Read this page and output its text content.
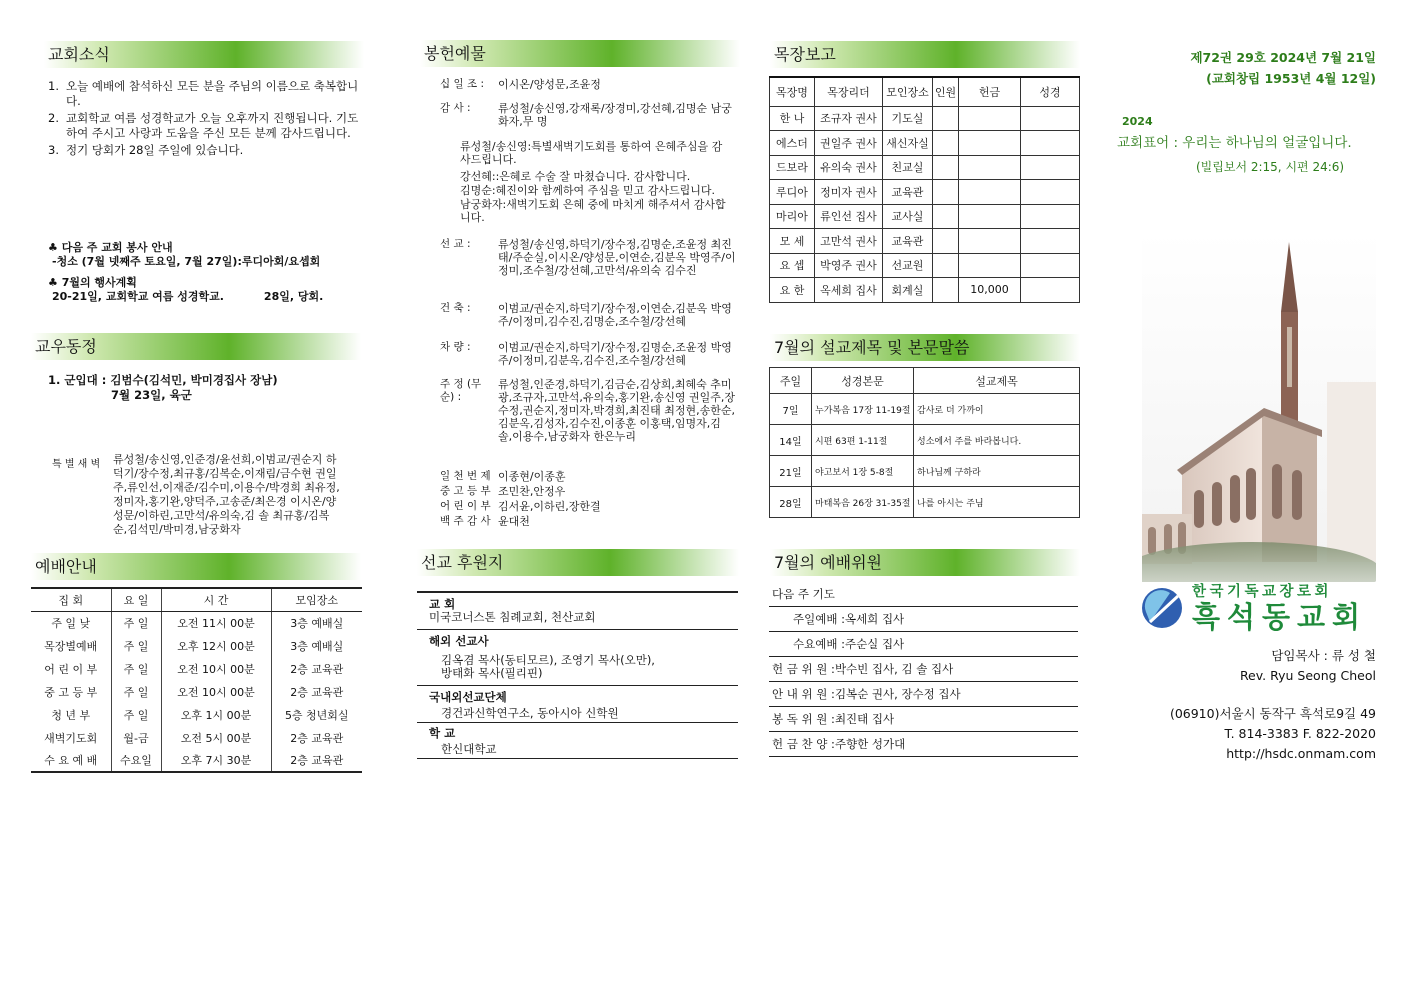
교회소식
1. 오늘 예배에 참석하신 모든 분을 주님의 이름으로 축복합니다.
2. 교회학교 여름 성경학교가 오늘 오후까지 진행됩니다. 기도하여 주시고 사랑과 도움을 주신 모든 분께 감사드립니다.
3. 정기 당회가 28일 주일에 있습니다.
♣ 다음 주 교회 봉사 안내
-청소 (7월 넷째주 토요일, 7월 27일):루디아회/요셉회
♣ 7월의 행사계획
20-21일, 교회학교 여름 성경학교.	28일, 당회.
교우동정
1. 군입대 : 김범수(김석민, 박미경집사 장남)
7월 23일, 육군
특 별 새 벽 류성철/송신영,인준경/윤선희,이범교/권순지 하덕기/장수정,최규홍/김복순,이재림/금수현 권일주,류인선,이재준/김수미,이용수/박경희 최유정,정미자,홍기완,양덕주,고송준/최은경 이시온/양성문/이하린,고만석/유의숙,김 솔 최규홍/김복순,김석민/박미경,남궁화자
예배안내
집 회	요 일	시 간	모임장소
주 일 낮	주 일	오전 11시 00분	3층 예배실
목장별예배	주 일	오후 12시 00분	3층 예배실
어 린 이 부	주 일	오전 10시 00분	2층 교육관
중 고 등 부	주 일	오전 10시 00분	2층 교육관
청 년 부	주 일	오후 1시 00분	5층 청년회실
새벽기도회	월-금	오전 5시 00분	2층 교육관
수 요 예 배	수요일	오후 7시 30분	2층 교육관
봉헌예물
십 일 조 :	이시온/양성문,조윤정
감 사 :	류성철/송신영,강재록/장경미,강선혜,김명순 남궁화자,무 명
류성철/송신영:특별새벽기도회를 통하여 은혜주심을 감사드립니다.
강선혜::은혜로 수술 잘 마쳤습니다. 감사합니다.
김명순:혜진이와 함께하여 주심을 믿고 감사드립니다.
남궁화자:새벽기도회 은혜 중에 마치게 해주셔서 감사합니다.
선 교 :	류성철/송신영,하덕기/장수정,김명순,조윤정 최진태/주순실,이시온/양성문,이연순,김분옥 박영주/이정미,조수철/강선혜,고만석/유의숙 김수진
건 축 :	이범교/권순지,하덕기/장수정,이연순,김분옥 박영주/이정미,김수진,김명순,조수철/강선혜
차 량 :	이범교/권순지,하덕기/장수정,김명순,조윤정 박영주/이정미,김분옥,김수진,조수철/강선혜
주 정 (무 순) :
류성철,인준경,하덕기,김금순,김상희,최혜숙 추미광,조규자,고만석,유의숙,홍기완,송신영 권일주,장수정,권순지,정미자,박경희,최진태 최정현,송한순,김분옥,김성자,김수진,이종훈 이홍택,임명자,김 솔,이용수,남궁화자 한은누리
일 천 번 제 이종현/이종훈
중 고 등 부 조민찬,안정우
어 린 이 부 김서윤,이하린,장한결
백 주 감 사 윤대천
선교 후원지
교 회
미국코너스톤 침례교회, 천산교회
해외 선교사
김옥겸 목사(동티모르), 조영기 목사(오만),
방태화 목사(필리핀)
국내외선교단체
경건과신학연구소, 동아시아 신학원
학 교
한신대학교
목장보고
목장명	목장리더	모인장소	인원	헌금	성경
한 나	조규자 권사	기도실			
에스더	권일주 권사	새신자실			
드보라	유의숙 권사	친교실			
루디아	정미자 권사	교육관			
마리아	류인선 집사	교사실			
모 세	고만석 권사	교육관			
요 셉	박영주 권사	선교원			
요 한	옥세희 집사	회계실		10,000	
7월의 설교제목 및 본문말씀
주일	성경본문	설교제목
7일	누가복음 17장 11-19절	감사로 더 가까이
14일	시편 63편 1-11절	성소에서 주를 바라봅니다.
21일	야고보서 1장 5-8절	하나님께 구하라
28일	마태복음 26장 31-35절	나를 아시는 주님
7월의 예배위원
다음 주 기도
주일예배 :옥세희 집사
수요예배 :주순실 집사
헌 금 위 원 :박수빈 집사, 김 솔 집사
안 내 위 원 :김복순 권사, 장수정 집사
봉 독 위 원 :최진태 집사
헌 금 찬 양 :주향한 성가대
제72권 29호 2024년 7월 21일
(교회창립 1953년 4월 12일)
2024
교회표어 : 우리는 하나님의 얼굴입니다.
(빌립보서 2:15, 시편 24:6)
한국기독교장로회
흑석동교회
담임목사 : 류 성 철
Rev. Ryu Seong Cheol
(06910)서울시 동작구 흑석로9길 49
T. 814-3383 F. 822-2020
http://hsdc.onmam.com
